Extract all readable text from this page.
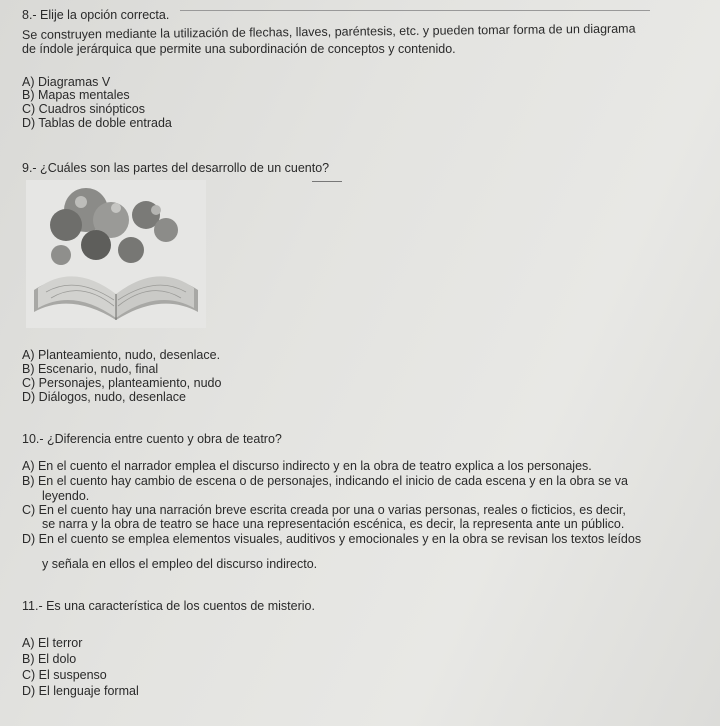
8.- Elije la opción correcta.
Se construyen mediante la utilización de flechas, llaves, paréntesis, etc. y pueden tomar forma de un diagrama
de índole jerárquica que permite una subordinación de conceptos y contenido.
A) Diagramas V
B) Mapas mentales
C) Cuadros sinópticos
D) Tablas de doble entrada
9.- ¿Cuáles son las partes del desarrollo de un cuento?
A) Planteamiento, nudo, desenlace.
B) Escenario, nudo, final
C) Personajes, planteamiento, nudo
D) Diálogos, nudo, desenlace
10.- ¿Diferencia entre cuento y obra de teatro?
A) En el cuento el narrador emplea el discurso indirecto y en la obra de teatro explica a los personajes.
B) En el cuento hay cambio de escena o de personajes, indicando el inicio de cada escena y en la obra se va
leyendo.
C) En el cuento hay una narración breve escrita creada por una o varias personas, reales o ficticios, es decir,
se narra y la obra de teatro se hace una representación escénica, es decir, la representa ante un público.
D) En el cuento se emplea elementos visuales, auditivos y emocionales y en la obra se revisan los textos leídos
y señala en ellos el empleo del discurso indirecto.
11.- Es una característica de los cuentos de misterio.
A) El terror
B) El dolo
C) El suspenso
D) El lenguaje formal
